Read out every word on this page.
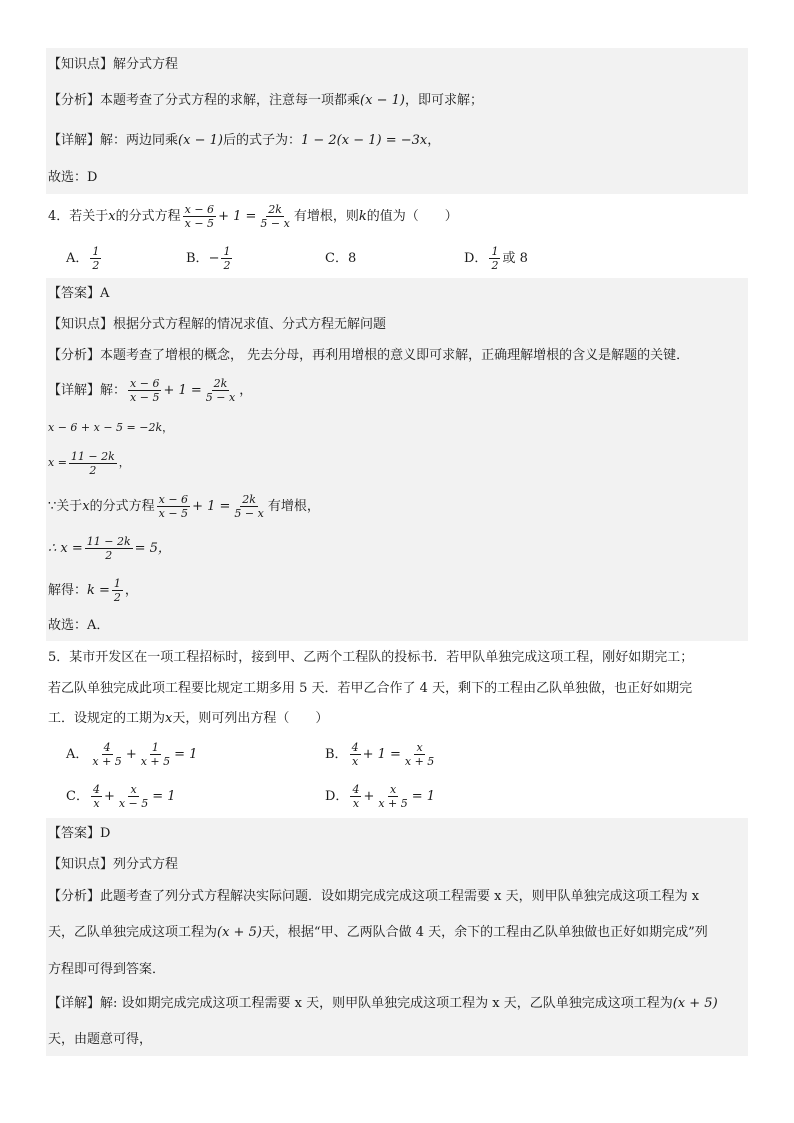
【知识点】解分式方程
【分析】本题考查了分式方程的求解，注意每一项都乘(x − 1)，即可求解；
【详解】解：两边同乘(x − 1)后的式子为：1 − 2(x − 1) = −3x，
故选：D
4．若关于x的分式方程 $\frac{x - 6}{x - 5} + 1 = \frac{2k}{5 - x}$ 有增根，则k的值为（　　）
A． $\frac{1}{2}$	B．− $\frac{1}{2}$	C．8	D． $\frac{1}{2}$ 或 8
【答案】A
【知识点】根据分式方程解的情况求值、分式方程无解问题
【分析】本题考查了增根的概念， 先去分母，再利用增根的意义即可求解，正确理解增根的含义是解题的关键．
【详解】解： $\frac{x - 6}{x - 5} + 1 = \frac{2k}{5 - x}$ ，
x − 6 + x − 5 = −2k，
$x = \frac{11 - 2k}{2}$ ，
∵关于x的分式方程 $\frac{x - 6}{x - 5} + 1 = \frac{2k}{5 - x}$ 有增根，
∴ $x = \frac{11 - 2k}{2} = 5$，
解得：$k = \frac{1}{2}$ ，
故选：A．
5．某市开发区在一项工程招标时，接到甲、乙两个工程队的投标书．若甲队单独完成这项工程，刚好如期完工；
若乙队单独完成此项工程要比规定工期多用 5 天．若甲乙合作了 4 天，剩下的工程由乙队单独做，也正好如期完
工．设规定的工期为x天，则可列出方程（　　）
A． $\frac{4}{x + 5} + \frac{1}{x + 5} = 1$	B． $\frac{4}{x} + 1 = \frac{x}{x + 5}$
C． $\frac{4}{x} + \frac{x}{x - 5} = 1$	D． $\frac{4}{x} + \frac{x}{x + 5} = 1$
【答案】D
【知识点】列分式方程
【分析】此题考查了列分式方程解决实际问题．设如期完成完成这项工程需要 x 天，则甲队单独完成这项工程为 x
天，乙队单独完成这项工程为(x + 5)天，根据“甲、乙两队合做 4 天，余下的工程由乙队单独做也正好如期完成”列
方程即可得到答案．
【详解】解: 设如期完成完成这项工程需要 x 天，则甲队单独完成这项工程为 x 天，乙队单独完成这项工程为(x + 5)
天，由题意可得，
